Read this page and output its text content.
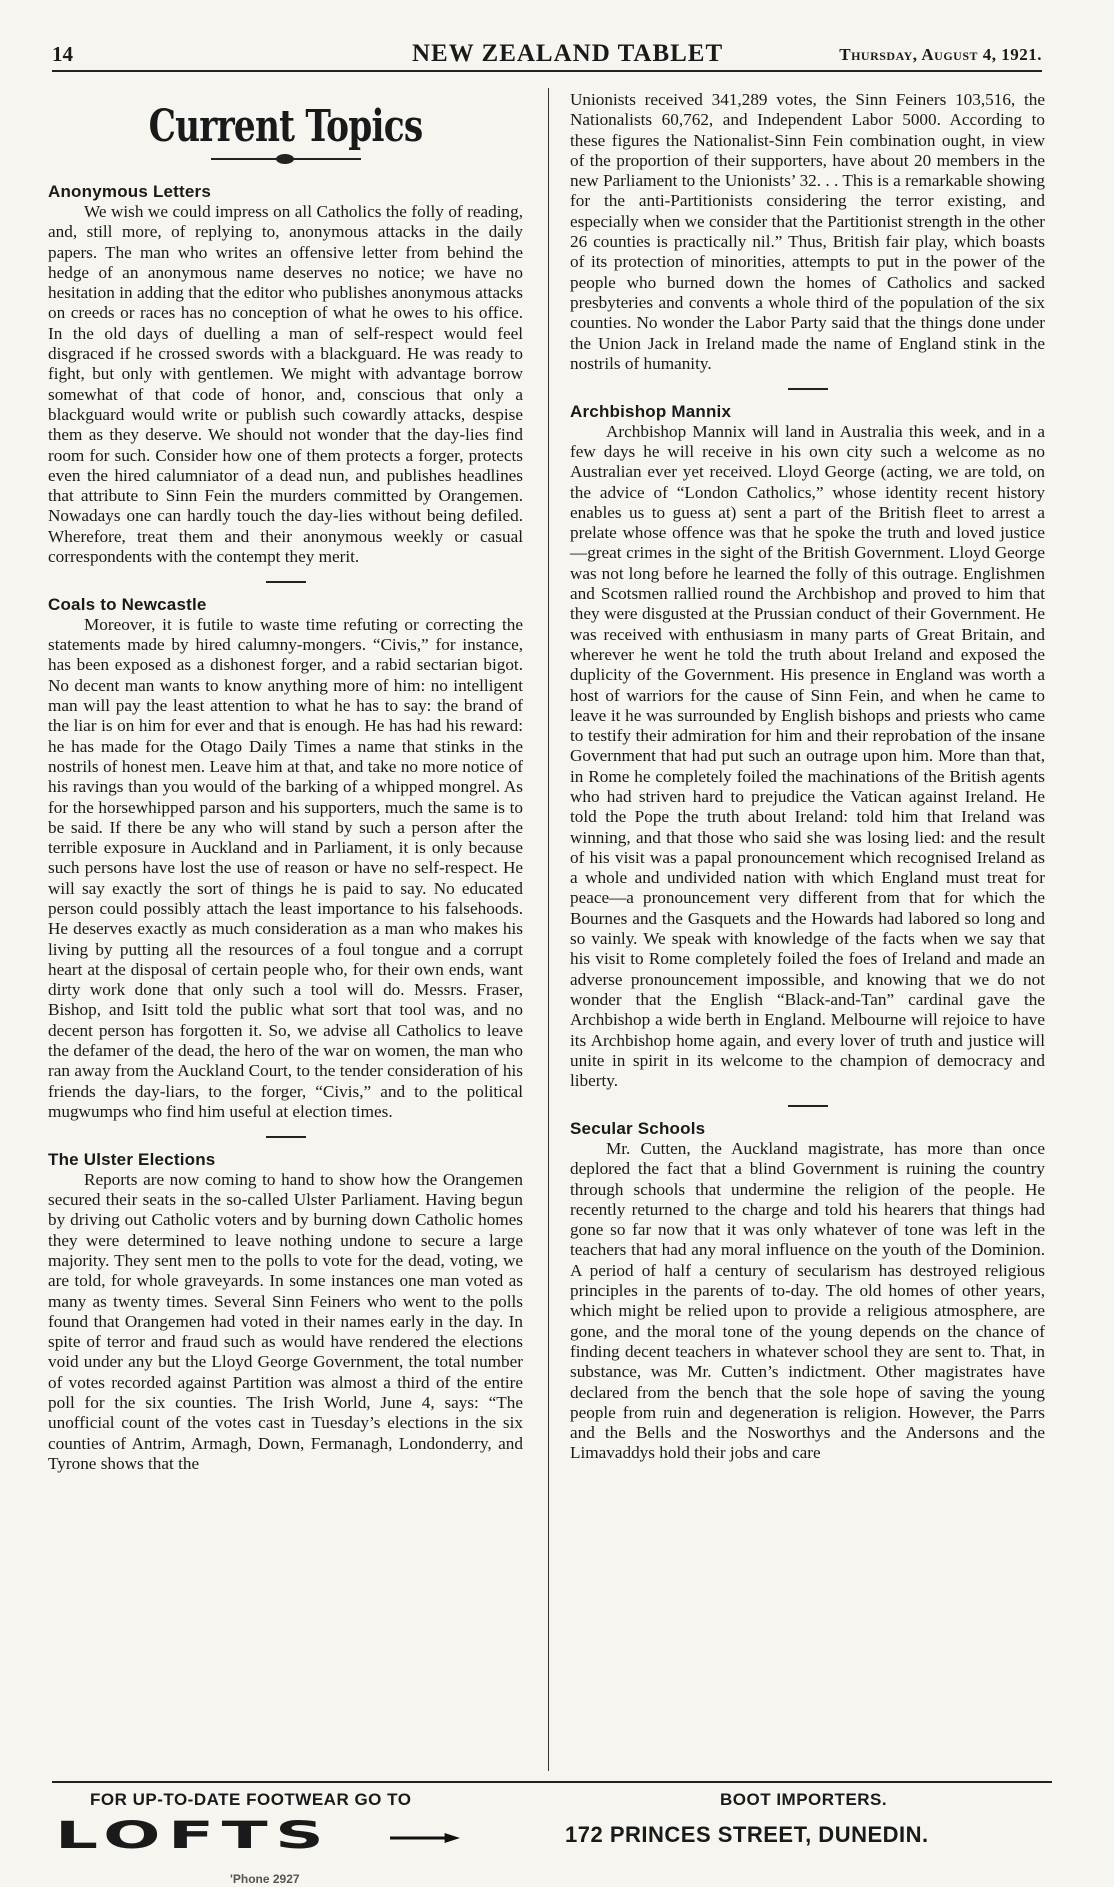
14	NEW ZEALAND TABLET	Thursday, August 4, 1921.
Current Topics
Anonymous Letters

We wish we could impress on all Catholics the folly of reading, and, still more, of replying to, anonymous attacks in the daily papers. The man who writes an offensive letter from behind the hedge of an anonymous name deserves no notice; we have no hesitation in adding that the editor who publishes anonymous attacks on creeds or races has no conception of what he owes to his office. In the old days of duelling a man of self-respect would feel disgraced if he crossed swords with a blackguard. He was ready to fight, but only with gentlemen. We might with advantage borrow somewhat of that code of honor, and, conscious that only a blackguard would write or publish such cowardly attacks, despise them as they deserve. We should not wonder that the day-lies find room for such. Consider how one of them protects a forger, protects even the hired calumniator of a dead nun, and publishes headlines that attribute to Sinn Fein the murders committed by Orangemen. Nowadays one can hardly touch the day-lies without being defiled. Wherefore, treat them and their anonymous weekly or casual correspondents with the contempt they merit.

Coals to Newcastle

Moreover, it is futile to waste time refuting or correcting the statements made by hired calumny-mongers. “Civis,” for instance, has been exposed as a dishonest forger, and a rabid sectarian bigot. No decent man wants to know anything more of him: no intelligent man will pay the least attention to what he has to say: the brand of the liar is on him for ever and that is enough. He has had his reward: he has made for the Otago Daily Times a name that stinks in the nostrils of honest men. Leave him at that, and take no more notice of his ravings than you would of the barking of a whipped mongrel. As for the horsewhipped parson and his supporters, much the same is to be said. If there be any who will stand by such a person after the terrible exposure in Auckland and in Parliament, it is only because such persons have lost the use of reason or have no self-respect. He will say exactly the sort of things he is paid to say. No educated person could possibly attach the least importance to his falsehoods. He deserves exactly as much consideration as a man who makes his living by putting all the resources of a foul tongue and a corrupt heart at the disposal of certain people who, for their own ends, want dirty work done that only such a tool will do. Messrs. Fraser, Bishop, and Isitt told the public what sort that tool was, and no decent person has forgotten it. So, we advise all Catholics to leave the defamer of the dead, the hero of the war on women, the man who ran away from the Auckland Court, to the tender consideration of his friends the day-liars, to the forger, “Civis,” and to the political mugwumps who find him useful at election times.

The Ulster Elections

Reports are now coming to hand to show how the Orangemen secured their seats in the so-called Ulster Parliament. Having begun by driving out Catholic voters and by burning down Catholic homes they were determined to leave nothing undone to secure a large majority. They sent men to the polls to vote for the dead, voting, we are told, for whole graveyards. In some instances one man voted as many as twenty times. Several Sinn Feiners who went to the polls found that Orangemen had voted in their names early in the day. In spite of terror and fraud such as would have rendered the elections void under any but the Lloyd George Government, the total number of votes recorded against Partition was almost a third of the entire poll for the six counties. The Irish World, June 4, says: “The unofficial count of the votes cast in Tuesday’s elections in the six counties of Antrim, Armagh, Down, Fermanagh, Londonderry, and Tyrone shows that the

Unionists received 341,289 votes, the Sinn Feiners 103,516, the Nationalists 60,762, and Independent Labor 5000. According to these figures the Nationalist-Sinn Fein combination ought, in view of the proportion of their supporters, have about 20 members in the new Parliament to the Unionists’ 32. . . This is a remarkable showing for the anti-Partitionists considering the terror existing, and especially when we consider that the Partitionist strength in the other 26 counties is practically nil.” Thus, British fair play, which boasts of its protection of minorities, attempts to put in the power of the people who burned down the homes of Catholics and sacked presbyteries and convents a whole third of the population of the six counties. No wonder the Labor Party said that the things done under the Union Jack in Ireland made the name of England stink in the nostrils of humanity.

Archbishop Mannix

Archbishop Mannix will land in Australia this week, and in a few days he will receive in his own city such a welcome as no Australian ever yet received. Lloyd George (acting, we are told, on the advice of “London Catholics,” whose identity recent history enables us to guess at) sent a part of the British fleet to arrest a prelate whose offence was that he spoke the truth and loved justice—great crimes in the sight of the British Government. Lloyd George was not long before he learned the folly of this outrage. Englishmen and Scotsmen rallied round the Archbishop and proved to him that they were disgusted at the Prussian conduct of their Government. He was received with enthusiasm in many parts of Great Britain, and wherever he went he told the truth about Ireland and exposed the duplicity of the Government. His presence in England was worth a host of warriors for the cause of Sinn Fein, and when he came to leave it he was surrounded by English bishops and priests who came to testify their admiration for him and their reprobation of the insane Government that had put such an outrage upon him. More than that, in Rome he completely foiled the machinations of the British agents who had striven hard to prejudice the Vatican against Ireland. He told the Pope the truth about Ireland: told him that Ireland was winning, and that those who said she was losing lied: and the result of his visit was a papal pronouncement which recognised Ireland as a whole and undivided nation with which England must treat for peace—a pronouncement very different from that for which the Bournes and the Gasquets and the Howards had labored so long and so vainly. We speak with knowledge of the facts when we say that his visit to Rome completely foiled the foes of Ireland and made an adverse pronouncement impossible, and knowing that we do not wonder that the English “Black-and-Tan” cardinal gave the Archbishop a wide berth in England. Melbourne will rejoice to have its Archbishop home again, and every lover of truth and justice will unite in spirit in its welcome to the champion of democracy and liberty.

Secular Schools

Mr. Cutten, the Auckland magistrate, has more than once deplored the fact that a blind Government is ruining the country through schools that undermine the religion of the people. He recently returned to the charge and told his hearers that things had gone so far now that it was only whatever of tone was left in the teachers that had any moral influence on the youth of the Dominion. A period of half a century of secularism has destroyed religious principles in the parents of to-day. The old homes of other years, which might be relied upon to provide a religious atmosphere, are gone, and the moral tone of the young depends on the chance of finding decent teachers in whatever school they are sent to. That, in substance, was Mr. Cutten’s indictment. Other magistrates have declared from the bench that the sole hope of saving the young people from ruin and degeneration is religion. However, the Parrs and the Bells and the Nosworthys and the Andersons and the Limavaddys hold their jobs and care

FOR UP-TO-DATE FOOTWEAR GO TO	BOOT IMPORTERS.
LOFTS	172 PRINCES STREET, DUNEDIN.
'Phone 2927
